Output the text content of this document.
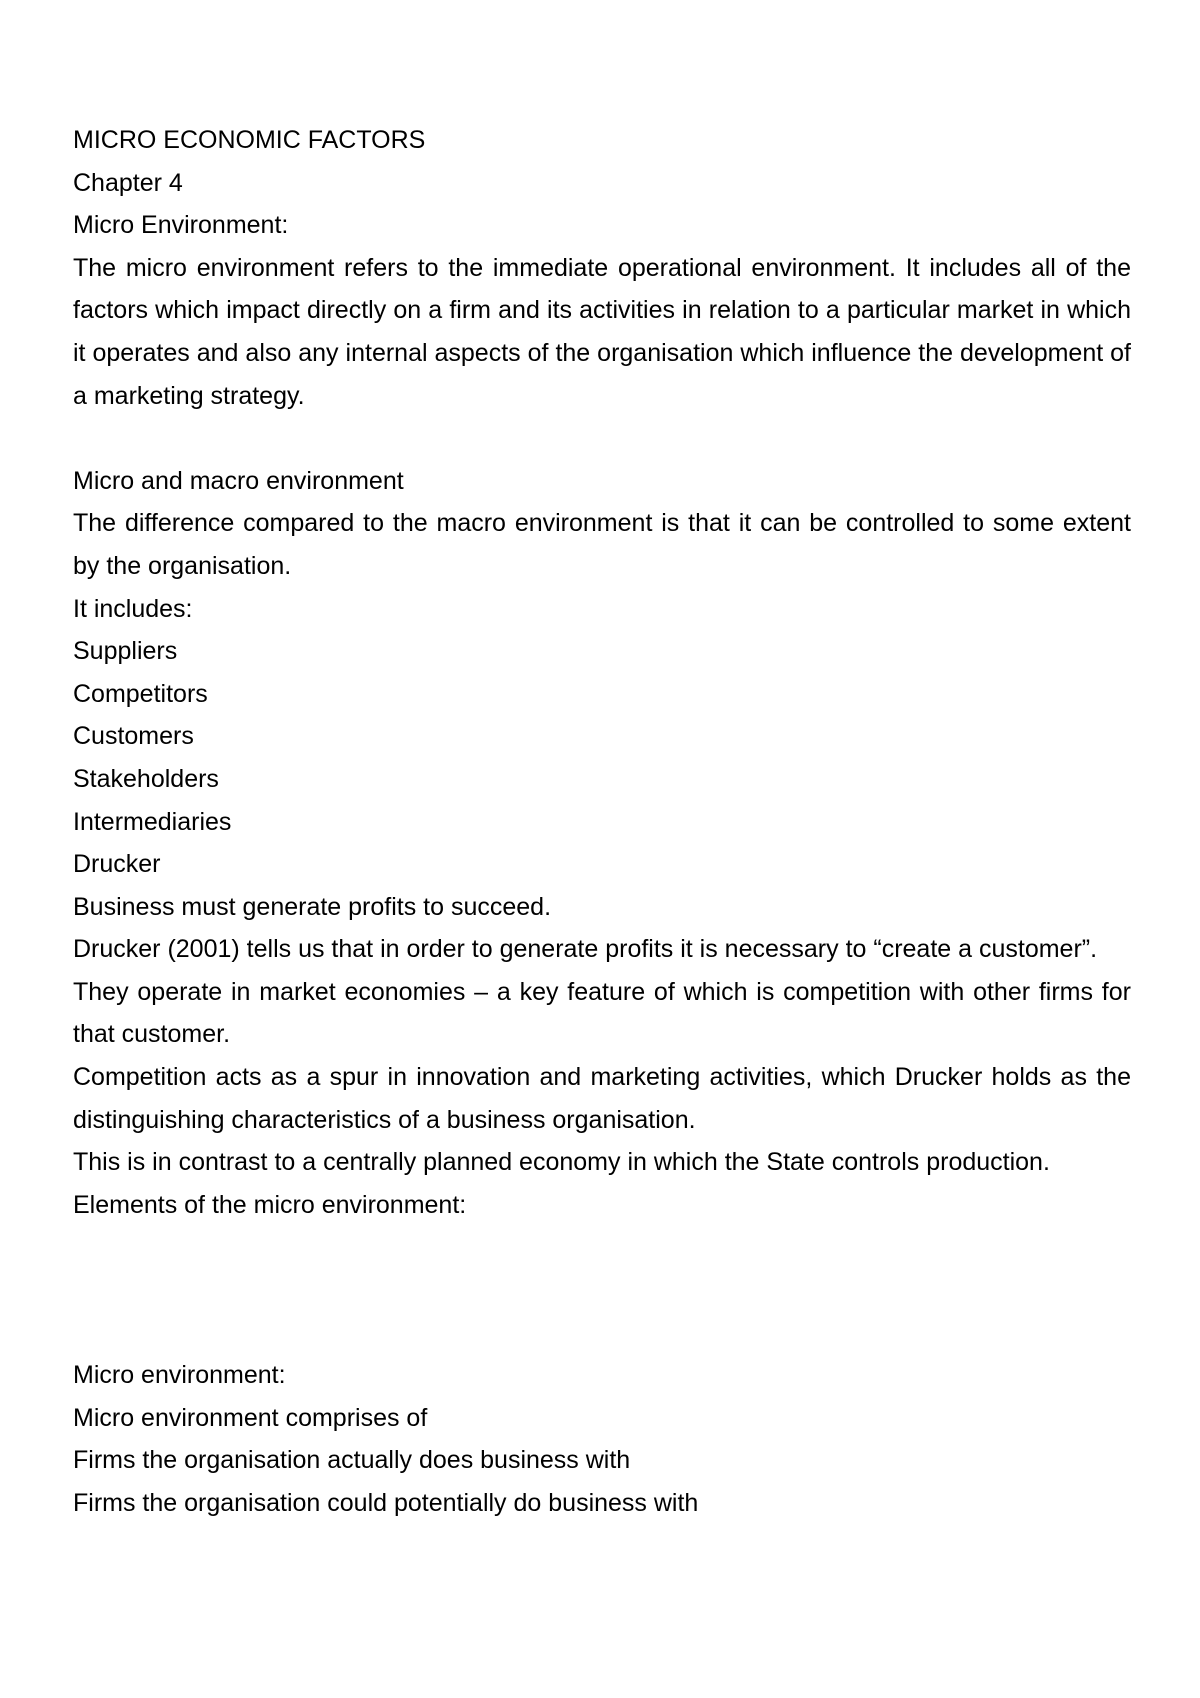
MICRO ECONOMIC FACTORS
Chapter 4
Micro Environment:
The micro environment refers to the immediate operational environment. It includes all of the factors which impact directly on a firm and its activities in relation to a particular market in which it operates and also any internal aspects of the organisation which influence the development of a marketing strategy.
Micro and macro environment
The difference compared to the macro environment is that it can be controlled to some extent by the organisation.
It includes:
Suppliers
Competitors
Customers
Stakeholders
Intermediaries
Drucker
Business must generate profits to succeed.
Drucker (2001) tells us that in order to generate profits it is necessary to “create a customer”.
They operate in market economies – a key feature of which is competition with other firms for that customer.
Competition acts as a spur in innovation and marketing activities, which Drucker holds as the distinguishing characteristics of a business organisation.
This is in contrast to a centrally planned economy in which the State controls production.
Elements of the micro environment:
Micro environment:
Micro environment comprises of
Firms the organisation actually does business with
Firms the organisation could potentially do business with
